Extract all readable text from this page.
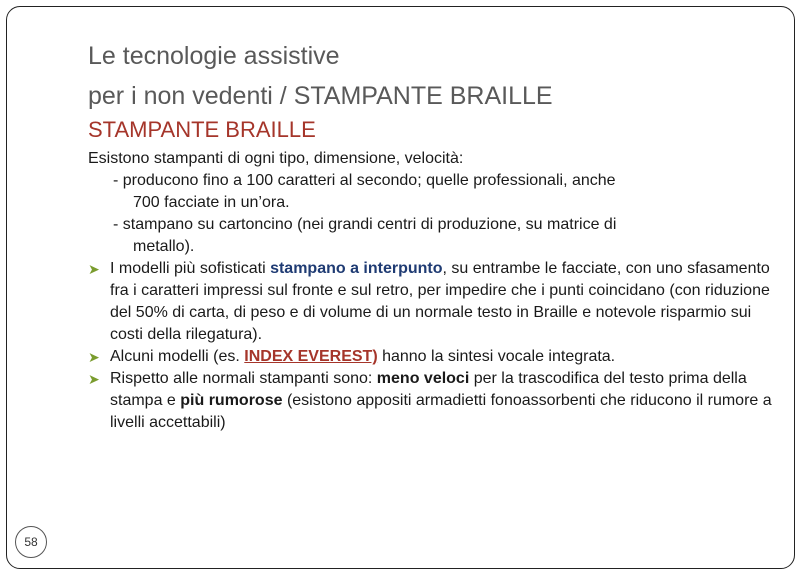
Le tecnologie assistive
per i non vedenti / STAMPANTE BRAILLE
STAMPANTE BRAILLE

Esistono stampanti di ogni tipo, dimensione, velocità:

- producono fino a 100 caratteri al secondo; quelle professionali, anche
700 facciate in un’ora.

- stampano su cartoncino (nei grandi centri di produzione, su matrice di
metallo).

➤ I modelli più sofisticati stampano a interpunto, su entrambe le facciate, con uno sfasamento fra i caratteri impressi sul fronte e sul retro, per impedire che i punti coincidano (con riduzione del 50% di carta, di peso e di volume di un normale testo in Braille e notevole risparmio sui costi della rilegatura).

➤ Alcuni modelli (es. INDEX EVEREST) hanno la sintesi vocale integrata.

➤ Rispetto alle normali stampanti sono: meno veloci per la trascodifica del testo prima della stampa e più rumorose (esistono appositi armadietti fonoassorbenti che riducono il rumore a livelli accettabili)

58
